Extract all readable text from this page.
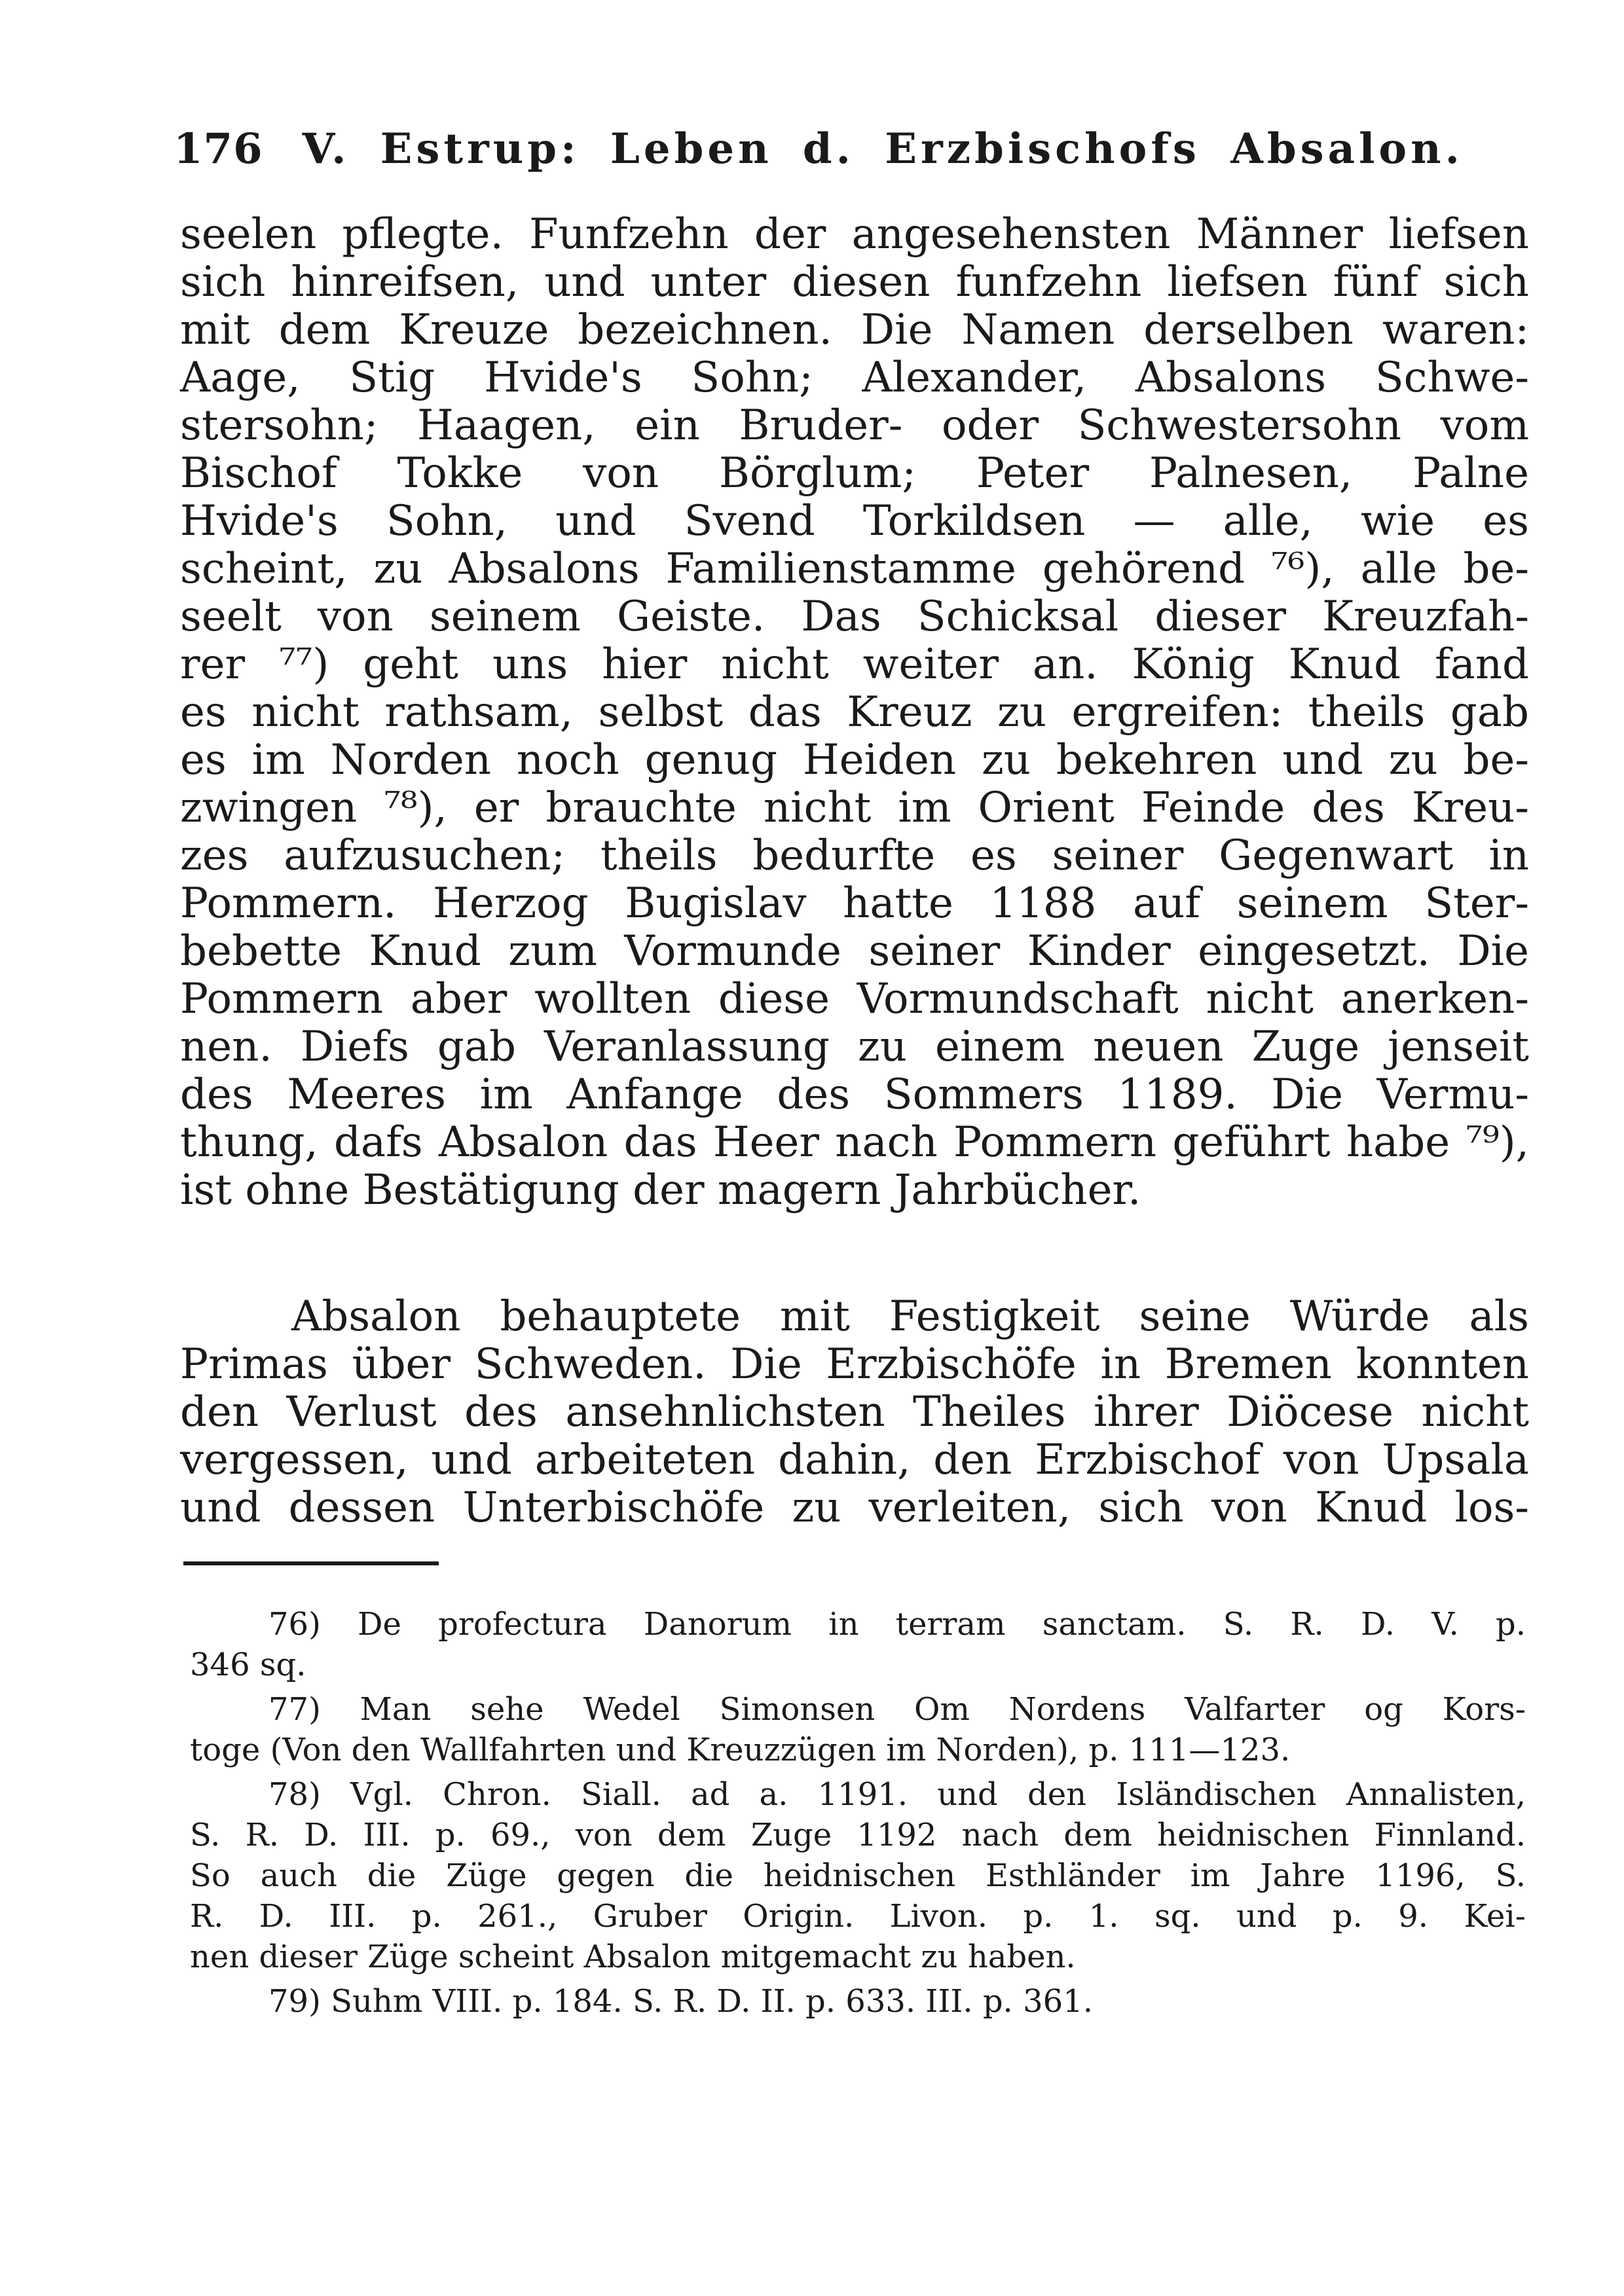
176 V. Estrup: Leben d. Erzbischofs Absalon.
seelen pflegte. Funfzehn der angesehensten Männer liefsen
sich hinreifsen, und unter diesen funfzehn liefsen fünf sich
mit dem Kreuze bezeichnen. Die Namen derselben waren:
Aage, Stig Hvide's Sohn; Alexander, Absalons Schwe-
stersohn; Haagen, ein Bruder- oder Schwestersohn vom
Bischof Tokke von Börglum; Peter Palnesen, Palne
Hvide's Sohn, und Svend Torkildsen — alle, wie es
scheint, zu Absalons Familienstamme gehörend ⁷⁶), alle be-
seelt von seinem Geiste. Das Schicksal dieser Kreuzfah-
rer ⁷⁷) geht uns hier nicht weiter an. König Knud fand
es nicht rathsam, selbst das Kreuz zu ergreifen: theils gab
es im Norden noch genug Heiden zu bekehren und zu be-
zwingen ⁷⁸), er brauchte nicht im Orient Feinde des Kreu-
zes aufzusuchen; theils bedurfte es seiner Gegenwart in
Pommern. Herzog Bugislav hatte 1188 auf seinem Ster-
bebette Knud zum Vormunde seiner Kinder eingesetzt. Die
Pommern aber wollten diese Vormundschaft nicht anerken-
nen. Diefs gab Veranlassung zu einem neuen Zuge jenseit
des Meeres im Anfange des Sommers 1189. Die Vermu-
thung, dafs Absalon das Heer nach Pommern geführt habe ⁷⁹),
ist ohne Bestätigung der magern Jahrbücher.
Absalon behauptete mit Festigkeit seine Würde als
Primas über Schweden. Die Erzbischöfe in Bremen konnten
den Verlust des ansehnlichsten Theiles ihrer Diöcese nicht
vergessen, und arbeiteten dahin, den Erzbischof von Upsala
und dessen Unterbischöfe zu verleiten, sich von Knud los-
76) De profectura Danorum in terram sanctam. S. R. D. V. p.
346 sq.
77) Man sehe Wedel Simonsen Om Nordens Valfarter og Kors-
toge (Von den Wallfahrten und Kreuzzügen im Norden), p. 111—123.
78) Vgl. Chron. Siall. ad a. 1191. und den Isländischen Annalisten,
S. R. D. III. p. 69., von dem Zuge 1192 nach dem heidnischen Finnland.
So auch die Züge gegen die heidnischen Esthländer im Jahre 1196, S.
R. D. III. p. 261., Gruber Origin. Livon. p. 1. sq. und p. 9. Kei-
nen dieser Züge scheint Absalon mitgemacht zu haben.
79) Suhm VIII. p. 184. S. R. D. II. p. 633. III. p. 361.
